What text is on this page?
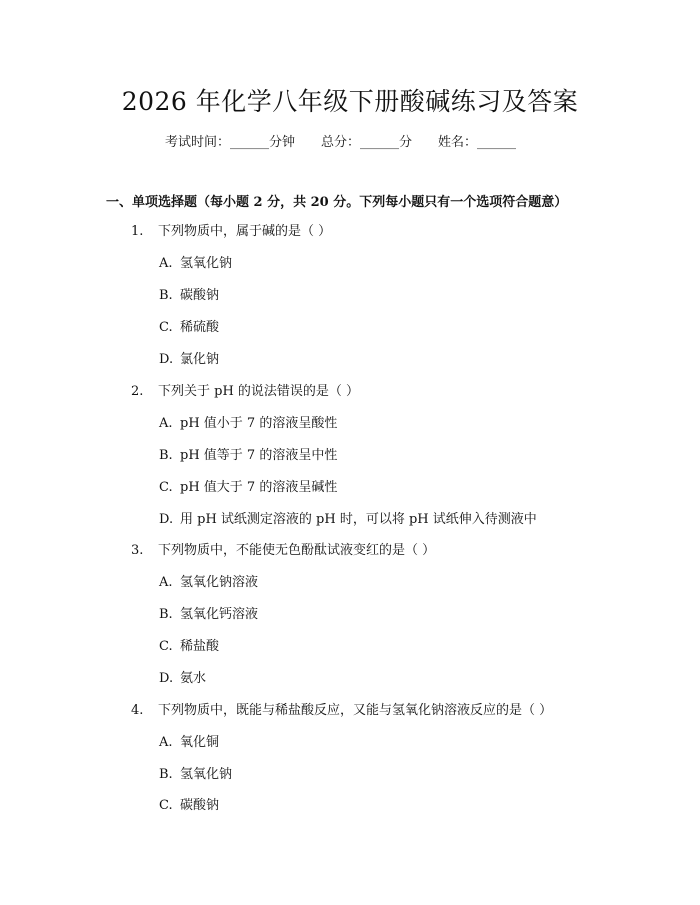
2026 年化学八年级下册酸碱练习及答案
考试时间：______分钟 总分：______分 姓名：______
一、单项选择题（每小题 2 分，共 20 分。下列每小题只有一个选项符合题意）
1. 下列物质中，属于碱的是（ ）
A. 氢氧化钠
B. 碳酸钠
C. 稀硫酸
D. 氯化钠
2. 下列关于 pH 的说法错误的是（ ）
A. pH 值小于 7 的溶液呈酸性
B. pH 值等于 7 的溶液呈中性
C. pH 值大于 7 的溶液呈碱性
D. 用 pH 试纸测定溶液的 pH 时，可以将 pH 试纸伸入待测液中
3. 下列物质中，不能使无色酚酞试液变红的是（ ）
A. 氢氧化钠溶液
B. 氢氧化钙溶液
C. 稀盐酸
D. 氨水
4. 下列物质中，既能与稀盐酸反应，又能与氢氧化钠溶液反应的是（ ）
A. 氧化铜
B. 氢氧化钠
C. 碳酸钠
